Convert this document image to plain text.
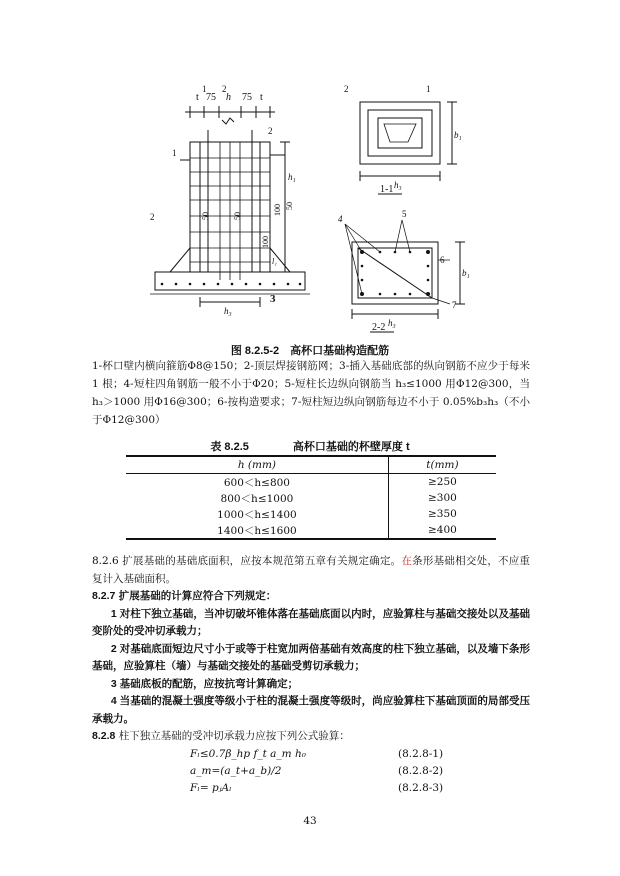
t 75 h 75 t
1 2
2
1
2
3
2	1
4	5
6
7
1-1
2-2
50	50	100 50
100
h₁
h₃
b₁
h₃
b₁
h₃
l₁
图 8.2.5-2　高杯口基础构造配筋
1-杯口壁内横向箍筋Φ8@150；2-顶层焊接钢筋网；3-插入基础底部的纵向钢筋不应少于每米 1 根；4-短柱四角钢筋一般不小于Φ20；5-短柱长边纵向钢筋当 h₃≤1000 用Φ12@300，当 h₃＞1000 用Φ16@300；6-按构造要求；7-短柱短边纵向钢筋每边不小于 0.05%b₃h₃（不小于Φ12@300）
表 8.2.5　　　　高杯口基础的杯壁厚度 t
h (mm)	t(mm)
600＜h≤800	≥250
800＜h≤1000	≥300
1000＜h≤1400	≥350
1400＜h≤1600	≥400

8.2.6 扩展基础的基础底面积，应按本规范第五章有关规定确定。在条形基础相交处，不应重复计入基础面积。

8.2.7 扩展基础的计算应符合下列规定：

1 对柱下独立基础，当冲切破坏锥体落在基础底面以内时，应验算柱与基础交接处以及基础变阶处的受冲切承载力；

2 对基础底面短边尺寸小于或等于柱宽加两倍基础有效高度的柱下独立基础，以及墙下条形基础，应验算柱（墙）与基础交接处的基础受剪切承载力；

3 基础底板的配筋，应按抗弯计算确定；

4 当基础的混凝土强度等级小于柱的混凝土强度等级时，尚应验算柱下基础顶面的局部受压承载力。

8.2.8 柱下独立基础的受冲切承载力应按下列公式验算：

Fₗ≤0.7β_hp f_t a_m h₀	(8.2.8-1)
a_m=(a_t+a_b)/2	(8.2.8-2)
Fₗ= pⱼAₗ	(8.2.8-3)
43
